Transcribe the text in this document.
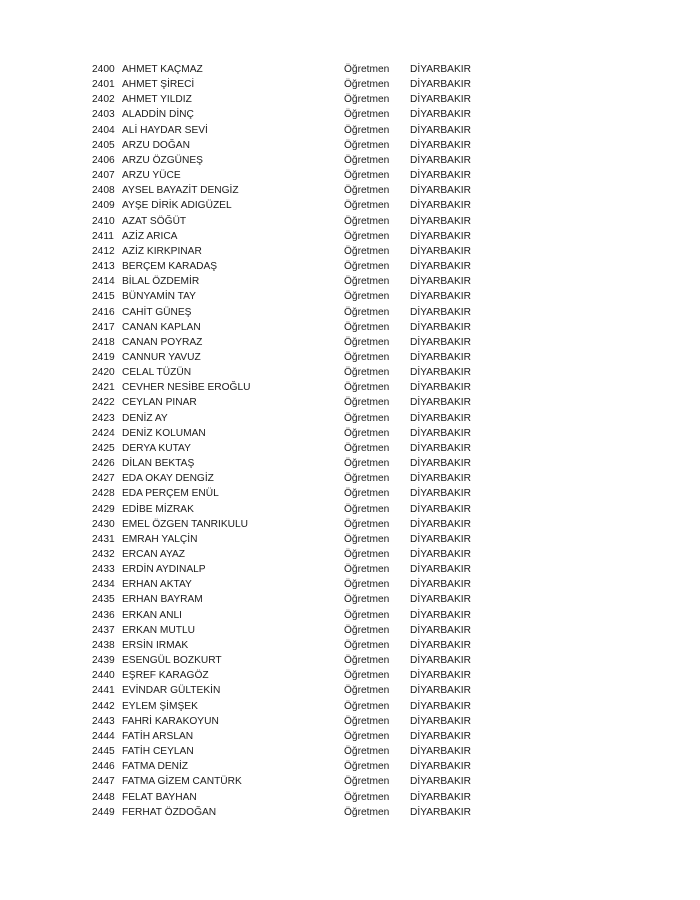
2400 AHMET KAÇMAZ	Öğretmen DİYARBAKIR
2401 AHMET ŞİRECİ	Öğretmen DİYARBAKIR
2402 AHMET YILDIZ	Öğretmen DİYARBAKIR
2403 ALADDİN DİNÇ	Öğretmen DİYARBAKIR
2404 ALİ HAYDAR SEVİ	Öğretmen DİYARBAKIR
2405 ARZU DOĞAN	Öğretmen DİYARBAKIR
2406 ARZU ÖZGÜNEŞ	Öğretmen DİYARBAKIR
2407 ARZU YÜCE	Öğretmen DİYARBAKIR
2408 AYSEL BAYAZİT DENGİZ	Öğretmen DİYARBAKIR
2409 AYŞE DİRİK ADIGÜZEL	Öğretmen DİYARBAKIR
2410 AZAT SÖĞÜT	Öğretmen DİYARBAKIR
2411 AZİZ ARICA	Öğretmen DİYARBAKIR
2412 AZİZ KIRKPINAR	Öğretmen DİYARBAKIR
2413 BERÇEM KARADAŞ	Öğretmen DİYARBAKIR
2414 BİLAL ÖZDEMİR	Öğretmen DİYARBAKIR
2415 BÜNYAMİN TAY	Öğretmen DİYARBAKIR
2416 CAHİT GÜNEŞ	Öğretmen DİYARBAKIR
2417 CANAN KAPLAN	Öğretmen DİYARBAKIR
2418 CANAN POYRAZ	Öğretmen DİYARBAKIR
2419 CANNUR YAVUZ	Öğretmen DİYARBAKIR
2420 CELAL TÜZÜN	Öğretmen DİYARBAKIR
2421 CEVHER NESİBE EROĞLU	Öğretmen DİYARBAKIR
2422 CEYLAN PINAR	Öğretmen DİYARBAKIR
2423 DENİZ AY	Öğretmen DİYARBAKIR
2424 DENİZ KOLUMAN	Öğretmen DİYARBAKIR
2425 DERYA KUTAY	Öğretmen DİYARBAKIR
2426 DİLAN BEKTAŞ	Öğretmen DİYARBAKIR
2427 EDA OKAY DENGİZ	Öğretmen DİYARBAKIR
2428 EDA PERÇEM ENÜL	Öğretmen DİYARBAKIR
2429 EDİBE MİZRAK	Öğretmen DİYARBAKIR
2430 EMEL ÖZGEN TANRIKULU	Öğretmen DİYARBAKIR
2431 EMRAH YALÇİN	Öğretmen DİYARBAKIR
2432 ERCAN AYAZ	Öğretmen DİYARBAKIR
2433 ERDİN AYDINALP	Öğretmen DİYARBAKIR
2434 ERHAN AKTAY	Öğretmen DİYARBAKIR
2435 ERHAN BAYRAM	Öğretmen DİYARBAKIR
2436 ERKAN ANLI	Öğretmen DİYARBAKIR
2437 ERKAN MUTLU	Öğretmen DİYARBAKIR
2438 ERSİN IRMAK	Öğretmen DİYARBAKIR
2439 ESENGÜL BOZKURT	Öğretmen DİYARBAKIR
2440 EŞREF KARAGÖZ	Öğretmen DİYARBAKIR
2441 EVİNDAR GÜLTEKİN	Öğretmen DİYARBAKIR
2442 EYLEM ŞİMŞEK	Öğretmen DİYARBAKIR
2443 FAHRİ KARAKOYUN	Öğretmen DİYARBAKIR
2444 FATİH ARSLAN	Öğretmen DİYARBAKIR
2445 FATİH CEYLAN	Öğretmen DİYARBAKIR
2446 FATMA DENİZ	Öğretmen DİYARBAKIR
2447 FATMA GİZEM CANTÜRK	Öğretmen DİYARBAKIR
2448 FELAT BAYHAN	Öğretmen DİYARBAKIR
2449 FERHAT ÖZDOĞAN	Öğretmen DİYARBAKIR
